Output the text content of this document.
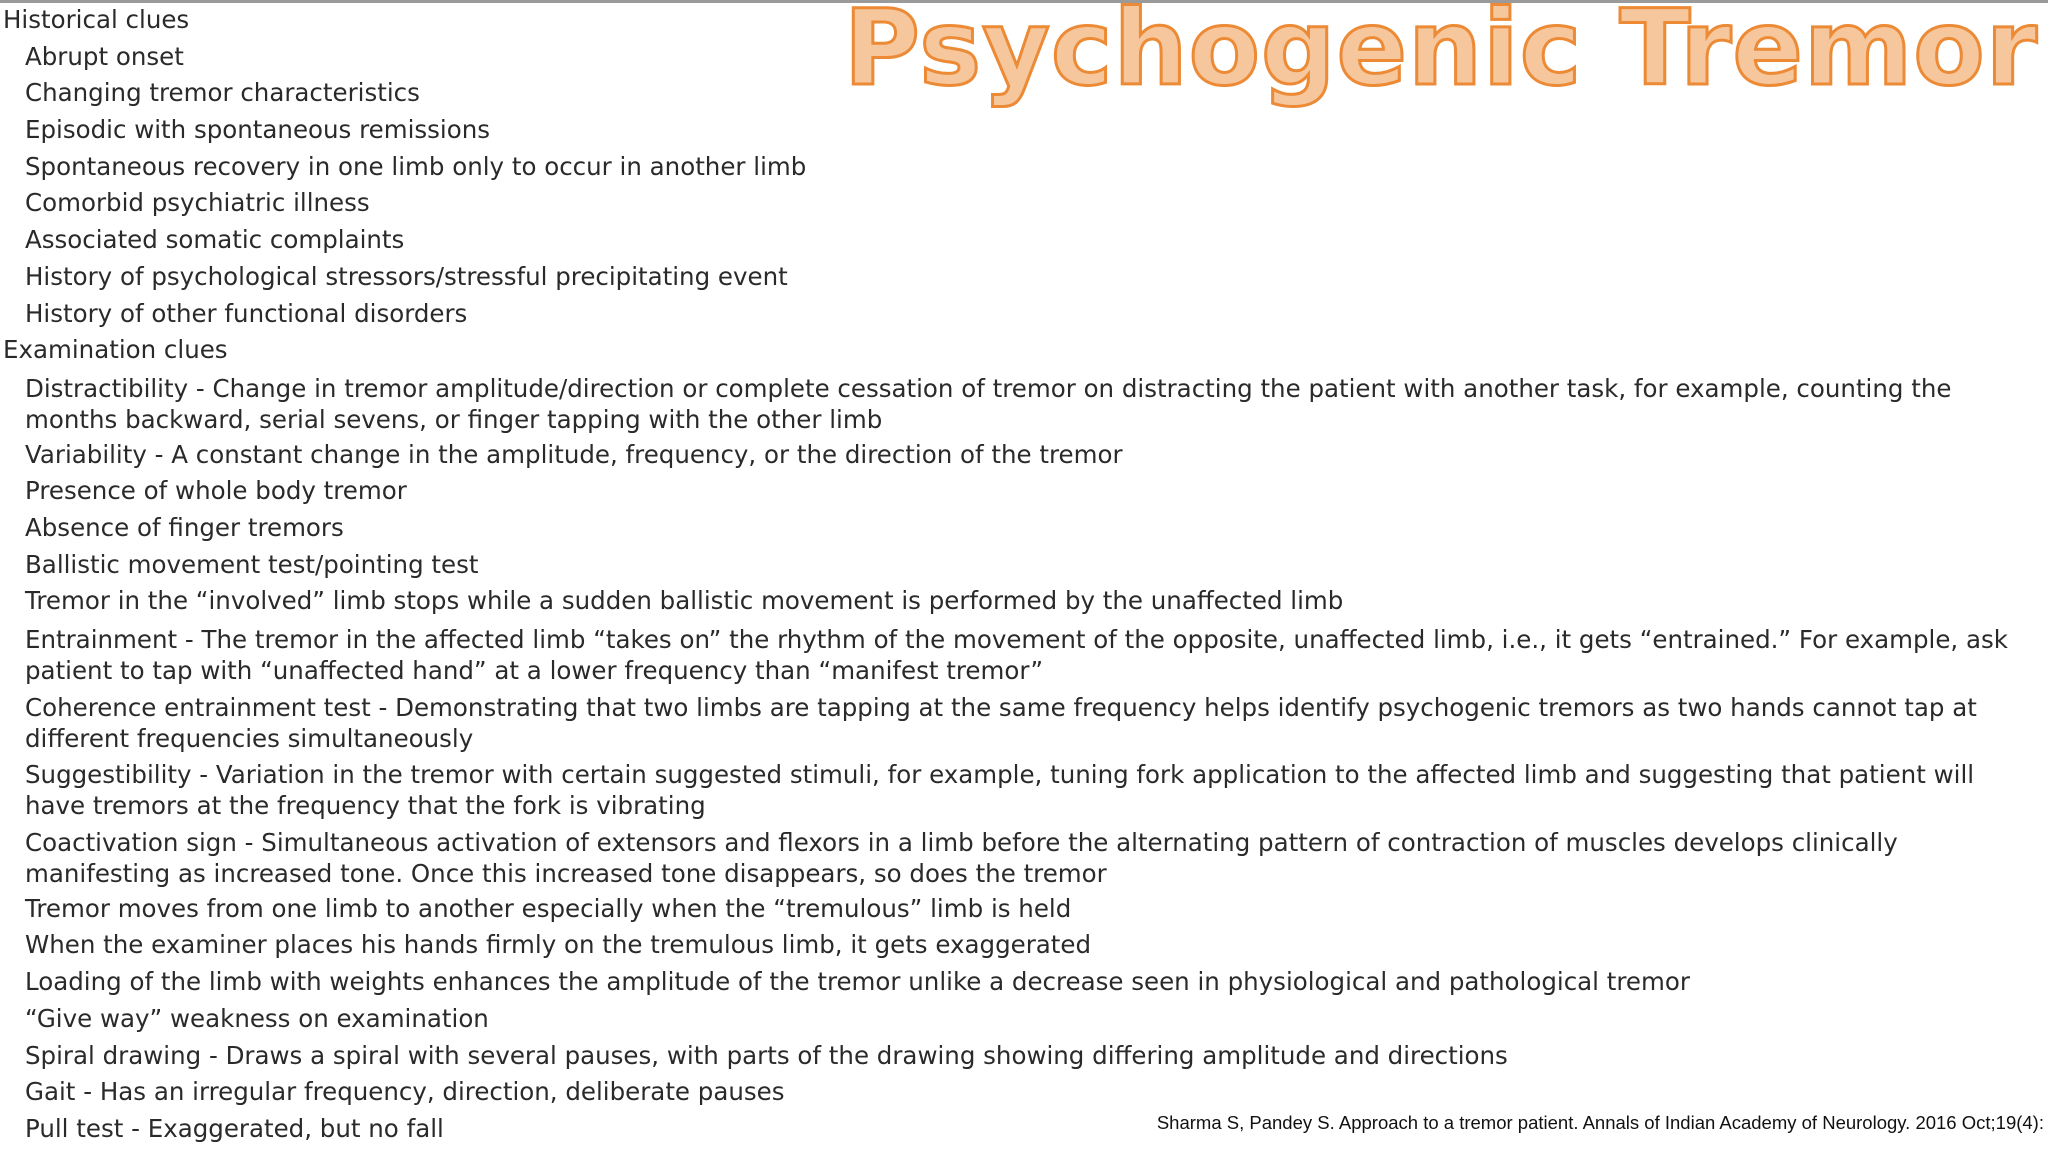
Historical clues
Abrupt onset
Changing tremor characteristics
Episodic with spontaneous remissions
Spontaneous recovery in one limb only to occur in another limb
Comorbid psychiatric illness
Associated somatic complaints
History of psychological stressors/stressful precipitating event
History of other functional disorders
Examination clues
Distractibility - Change in tremor amplitude/direction or complete cessation of tremor on distracting the patient with another task, for example, counting the months backward, serial sevens, or finger tapping with the other limb
Variability - A constant change in the amplitude, frequency, or the direction of the tremor
Presence of whole body tremor
Absence of finger tremors
Ballistic movement test/pointing test
Tremor in the “involved” limb stops while a sudden ballistic movement is performed by the unaffected limb
Entrainment - The tremor in the affected limb “takes on” the rhythm of the movement of the opposite, unaffected limb, i.e., it gets “entrained.” For example, ask patient to tap with “unaffected hand” at a lower frequency than “manifest tremor”
Coherence entrainment test - Demonstrating that two limbs are tapping at the same frequency helps identify psychogenic tremors as two hands cannot tap at different frequencies simultaneously
Suggestibility - Variation in the tremor with certain suggested stimuli, for example, tuning fork application to the affected limb and suggesting that patient will have tremors at the frequency that the fork is vibrating
Coactivation sign - Simultaneous activation of extensors and flexors in a limb before the alternating pattern of contraction of muscles develops clinically manifesting as increased tone. Once this increased tone disappears, so does the tremor
Tremor moves from one limb to another especially when the “tremulous” limb is held
When the examiner places his hands firmly on the tremulous limb, it gets exaggerated
Loading of the limb with weights enhances the amplitude of the tremor unlike a decrease seen in physiological and pathological tremor
“Give way” weakness on examination
Spiral drawing - Draws a spiral with several pauses, with parts of the drawing showing differing amplitude and directions
Gait - Has an irregular frequency, direction, deliberate pauses
Pull test - Exaggerated, but no fall
Psychogenic Tremor
Sharma S, Pandey S. Approach to a tremor patient. Annals of Indian Academy of Neurology. 2016 Oct;19(4):
